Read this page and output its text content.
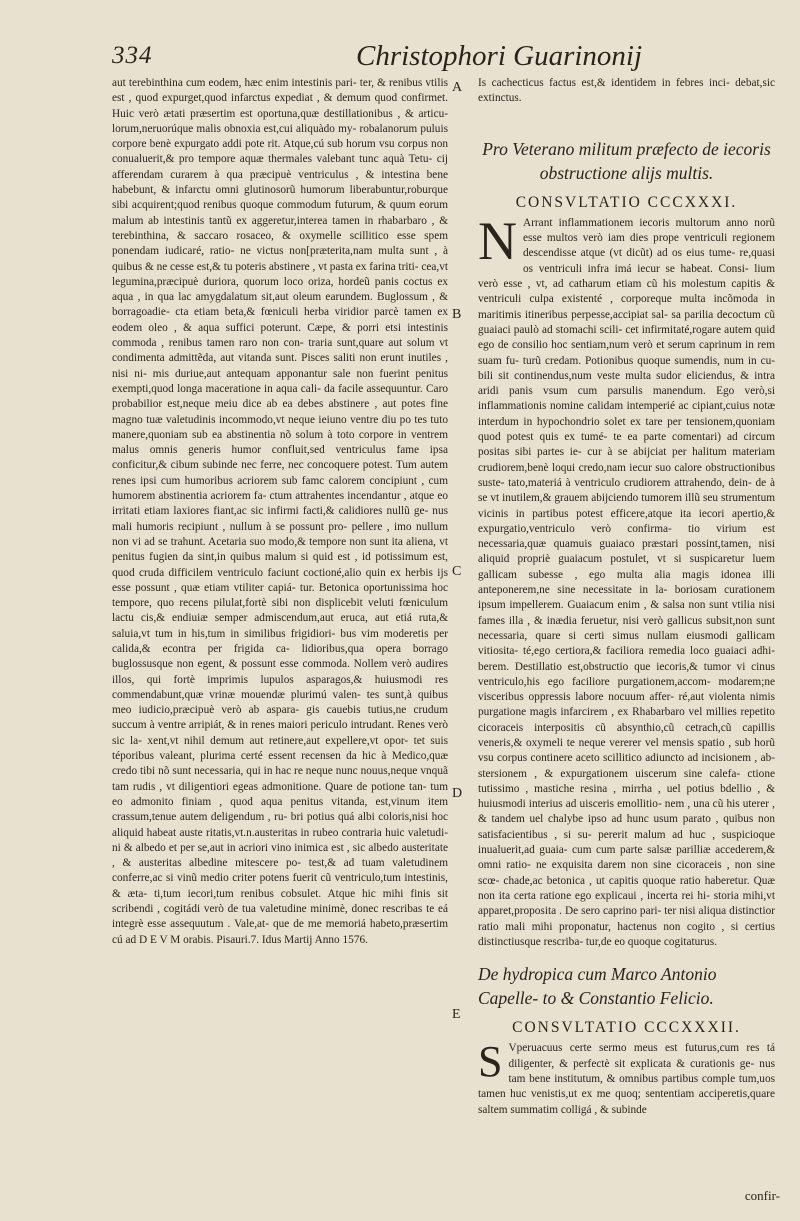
334	Christophori Guarinonij

aut terebinthina cum eodem, hæc enim intestinis pari- ter, & renibus vtilis est , quod expurget,quod infarctus expediat , & demum quod confirmet. Huic verò ætati præsertim est oportuna,quæ destillationibus , & articu- lorum,neruorúque malis obnoxia est,cui aliquàdo my- robalanorum puluis corpore benè expurgato addi pote rit. Atque,cú sub horum vsu corpus non conualuerit,& pro tempore aquæ thermales valebant tunc aquà Tetu- cij afferendam curarem à qua præcipuè ventriculus , & intestina bene habebunt, & infarctu omni glutinosorũ humorum liberabuntur,roburque sibi acquirent;quod renibus quoque commodum futurum, & quum eorum malum ab intestinis tantũ ex aggeretur,interea tamen in rhabarbaro , & terebinthina, & saccaro rosaceo, & oxymelle scillitico esse spem ponendam iudicaré, ratio- ne victus non[præterita,nam multa sunt , à quibus & ne cesse est,& tu poteris abstinere , vt pasta ex farina triti- cea,vt legumina,præcipuè duriora, quorum loco oriza, hordeũ panis coctus ex aqua , in qua lac amygdalatum sit,aut oleum earundem. Buglossum , & borragoadie- cta etiam beta,& fœniculi herba viridior parcè tamen ex eodem oleo , & aqua suffici poterunt. Cæpe, & porri etsi intestinis commoda , renibus tamen raro non con- traria sunt,quare aut solum vt condimenta admittẽda, aut vitanda sunt. Pisces saliti non erunt inutiles , nisi ni- mis duriue,aut antequam apponantur sale non fuerint penitus exempti,quod longa maceratione in aqua cali- da facile assequuntur. Caro probabilior est,neque meiu dice ab ea debes abstinere , aut potes fine magno tuæ valetudinis incommodo,vt neque ieiuno ventre diu po tes tuto manere,quoniam sub ea abstinentia nõ solum à toto corpore in ventrem malus omnis generis humor confluit,sed ventriculus fame ipsa conficitur,& cibum subinde nec ferre, nec concoquere potest. Tum autem renes ipsi cum humoribus acriorem sub famc calorem concipiunt , cum humorem abstinentia acriorem fa- ctum attrahentes incendantur , atque eo irritati etiam laxiores fiant,ac sic infirmi facti,& calidiores nullũ ge- nus mali humoris recipiunt , nullum à se possunt pro- pellere , imo nullum non vi ad se trahunt. Acetaria suo modo,& tempore non sunt ita aliena, vt penitus fugien da sint,in quibus malum si quid est , id potissimum est, quod cruda difficilem ventriculo faciunt coctioné,alio quin ex herbis ijs esse possunt , quæ etiam vtiliter capiá- tur. Betonica oportunissima hoc tempore, quo recens pilulat,fortè sibi non displicebit veluti fœniculum lactu cis,& endiuiæ semper admiscendum,aut eruca, aut etiá ruta,& saluia,vt tum in his,tum in similibus frigidiori- bus vim moderetis per calida,& econtra per frigida ca- lidioribus,qua opera borrago buglossusque non egent, & possunt esse commoda. Nollem verò audires illos, qui fortè imprimis lupulos asparagos,& huiusmodi res commendabunt,quæ vrinæ mouendæ plurimú valen- tes sunt,à quibus meo iudicio,præcipuè verò ab aspara- gis cauebis tutius,ne crudum succum à ventre arripiát, & in renes maiori periculo intrudant. Renes verò sic la- xent,vt nihil demum aut retinere,aut expellere,vt opor- tet suis téporibus valeant, plurima certé essent recensen da hic à Medico,quæ credo tibi nõ sunt necessaria, qui in hac re neque nunc nouus,neque vnquã tam rudis , vt diligentiori egeas admonitione. Quare de potione tan- tum eo admonito finiam , quod aqua penitus vitanda, est,vinum item crassum,tenue autem deligendum , ru- bri potius quá albi coloris,nisi hoc aliquid habeat auste ritatis,vt.n.austeritas in rubeo contraria huic valetudi- ni & albedo et per se,aut in acriori vino inimica est , sic albedo austeritate , & austeritas albedine mitescere po- test,& ad tuam valetudinem conferre,ac si vinũ medio criter potens fuerit cũ ventriculo,tum intestinis, & æta- ti,tum iecori,tum renibus cobsulet. Atque hic mihi finis sit scribendi , cogitádi verò de tua valetudine minimè, donec rescribas te eá integrè esse assequutum . Vale,at- que de me memoriá habeto,præsertim cú ad D E V M orabis. Pisauri.7. Idus Martij Anno 1576.

A
B
C
D
E

Is cachecticus factus est,& identidem in febres inci- debat,sic extinctus.

Pro Veterano militum præfecto de iecoris obstructione alijs multis.
CONSVLTATIO CCCXXXI.

N Arrant inflammationem iecoris multorum anno norũ esse multos verò iam dies prope ventriculi regionem descendisse atque (vt dicũt) ad os eius tume- re,quasi os ventriculi infra imá iecur se habeat. Consi- lium verò esse , vt, ad catharum etiam cũ his molestum capitis & ventriculi culpa existenté , corporeque multa incõmoda in maritimis itineribus perpesse,accipiat sal- sa parilia decoctum cũ guaiaci paulò ad stomachi scili- cet infirmitaté,rogare autem quid ego de consilio hoc sentiam,num verò et serum caprinum in rem suam fu- turũ credam. Potionibus quoque sumendis, num in cu- bili sit continendus,num veste multa sudor eliciendus, & intra aridi panis vsum cum parsulis manendum. Ego verò,si inflammationis nomine calidam intemperié ac cipiant,cuius notæ interdum in hypochondrio solet ex tare per tensionem,quoniam quod potest quis ex tumé- te ea parte comentari) ad circum positas sibi partes ie- cur à se abijciat per halitum materiam crudiorem,benè loqui credo,nam iecur suo calore obstructionibus suste- tato,materiá à ventriculo crudiorem attrahendo, dein- de à se vt inutilem,& grauem abijciendo tumorem illũ seu strumentum vicinis in partibus potest efficere,atque ita iecori apertio,& expurgatio,ventriculo verò confirma- tio virium est necessaria,quæ quamuis guaiaco præstari possint,tamen, nisi aliquid propriè guaiacum postulet, vt si suspicaretur luem gallicam subesse , ego multa alia magis idonea illi anteponerem,ne sine necessitate in la- boriosam curationem ipsum impellerem. Guaiacum enim , & salsa non sunt vtilia nisi fames illa , & inædia feruetur, nisi verò gallicus subsit,non sunt necessaria, quare si certi simus nullam eiusmodi gallicam vitiosita- té,ego certiora,& faciliora remedia loco guaiaci adhi- berem. Destillatio est,obstructio que iecoris,& tumor vi cinus ventriculo,his ego faciliore purgationem,accom- modarem;ne visceribus oppressis labore nocuum affer- ré,aut violenta nimis purgatione magis infarcirem , ex Rhabarbaro vel millies repetito cicoraceis interpositis cũ absynthio,cũ cetrach,cũ capillis veneris,& oxymeli te neque vererer vel mensis spatio , sub horũ vsu corpus continere aceto scillitico adiuncto ad incisionem , ab- stersionem , & expurgationem uiscerum sine calefa- ctione tutissimo , mastiche resina , mirrha , uel potius bdellio , & huiusmodi interius ad uisceris emollitio- nem , una cũ his uterer , & tandem uel chalybe ipso ad hunc usum parato , quibus non satisfacientibus , si su- pererit malum ad huc , suspicioque inualuerit,ad guaia- cum cum parte salsæ parilliæ accederem,& omni ratio- ne exquisita darem non sine cicoraceis , non sine scœ- chade,ac betonica , ut capitis quoque ratio haberetur. Quæ non ita certa ratione ego explicaui , incerta rei hi- storia mihi,vt apparet,proposita . De sero caprino pari- ter nisi aliqua distinctior ratio mali mihi proponatur, hactenus non cogito , si certius distinctiusque rescriba- tur,de eo quoque cogitaturus.

De hydropica cum Marco Antonio Capelle- to & Constantio Felicio.
CONSVLTATIO CCCXXXII.

S Vperuacuus certe sermo meus est futurus,cum res tá diligenter, & perfectè sit explicata & curationis ge- nus tam bene institutum, & omnibus partibus comple tum,uos tamen huc venistis,ut ex me quoq; sententiam acciperetis,quare saltem summatim colligá , & subinde

confir-
